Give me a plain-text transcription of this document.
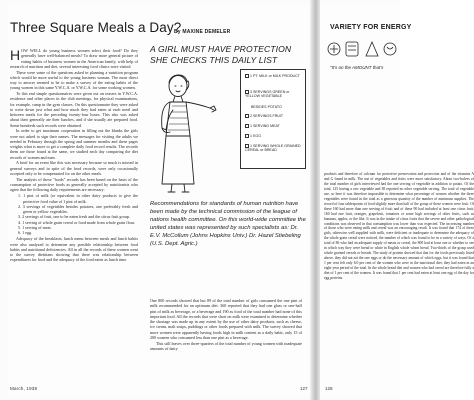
Three Square Meals a Day?
By MAXINE DEMELER

HOW WELL do young business women select their food? Do they generally have well-balanced meals? To draw more general picture of eating habits of business women in the American family, with help of research of nutrition and diet, several interesting food clinics were visited.

These were some of the questions asked in planning a nutrition program which would be more useful to the young business woman. The most direct way to answer seemed to be to make a survey of the eating habits of the young women in this same Y.W.C.A. or Y.W.C.A. for some working women.

To this end simple questionnaires were given out on teasers in Y.W.C.A. residence and other places in the club meetings, for physical examinations, for example, camp in the gym classes. On this questionnaire they were asked to write down just what and how much they had eaten at each meal and between meals for the preceding twenty-four hours. This also was asked about their generally ate their lunches, and if she usually ate prepared food. Some hundreds such records were obtained.

In order to get maximum cooperation in filling out the blanks the girls were not asked to sign their names. The messages for visiting the adults we needed in February through the spring and summer months and these pages weights what is more to get a complete daily food record results. The records them are those found at the same, we studied each day comparing the diet records of women and men.

A brief for an event like this was necessary because so much is missed in general surveys and in spite of the food records, were only occasionally accepted only to be compensated for on the other meals.

The analysis of these "foods" records has been based on the basis of the consumption of protective foods as generally accepted by nutritionists who agree that the following daily requirements are necessary:

1. 1 pint of milk (or equivalent in other dairy products to give the protective food value of 1 pint of milk.
2. 3 servings of vegetables besides potatoes, one preferably fresh and green or yellow vegetables.
3. 2 servings of fruit, one to be eaten fresh and the citrus fruit group.
4. 1 serving of whole grain cereal or food made from whole grain flour.
5. 1 serving of meat.
6. 1 egg.

Adequacy of the breakfasts, lunch menu between meals and lunch habits were also analyzed to determine any possible relationship between food habits and nutritional deficiencies. All in all the records of these women went to the survey dietitians showing that there was relationship between expenditures for food and the adequacy of the food eaten as lunch time.

One 800 records showed that but 89 of the total number of girls consumed the one pint of milk recommended for an optimum diet. 360 reported that they had one glass or one-half pint of milk as beverage, or a beverage and 190 as food of the total number had none of this important food. All the records that were short on milk were examined to determine whether the shortage was made up in any extent by the use of other dairy products, such as cheese, ice cream, malt soups, puddings or other foods prepared with milk. The survey showed that more women were apparently having foods high in milk content as a daily habit, only 15 of 200 women who consumed less than one pint as a beverage.

This still leaves over three-quarters of the total number of young women with inadequate amounts of dairy

A GIRL MUST HAVE PROTECTION
SHE CHECKS THIS DAILY LIST
1 PT. MILK or MILK PRODUCT
3 SERVINGS GREEN or YELLOW VEGETABLE
BESIDES POTATO
2 SERVINGS FRUIT
1 SERVING MEAT
1 EGG
1 SERVING WHOLE GRAINED CEREAL or BREAD
Recommendations for standards of human nutrition have been made by the technical commission of the league of nations health committee. On this world-wide committee the united states was represented by such specialists as: Dr. E.V. McCollum (Johns Hopkins Univ.) Dr. Hazel Stiebeling (U.S. Dept. Agric.)
March, 1939	127
VARIETY FOR ENERGY
"It's on the AMOUNT that's
products and therefore of calcium for protective preservation and protection and of the vitamins A and G found in milk. The use of vegetables and fruits were more satisfactory. About two-halves of the total number of girls interviewed had the one serving of vegetable in addition to potato. Of the total, 125 having a raw vegetable and 38 reported no other vegetable serving. The total of vegetable use, so here it was therefore impossible to determine what percentage of women whether the three vegetables were found in the total as a generous quantity of the number of minimum supplies. The record of four tablespoons of food slightly more than half of the group of these women were fruit. Of these 160 had more than one serving of fruit; and of these 90 had included at least one citrus fruit; 160 had one fruit, oranges, grapefruit, tomatoes or some high servings of other fruits, such as bananas, apples, or the like. It was in the intake of citrus fruits that the severe and other pathological conditions was observed in that consumption was lower than was expected. The increasing number of those who were eating milk and cereal was an encouraging result. It was found that 174 of these girls, otherwise well supplied with milk, were deficient or inadequate to determine the adequacy of the whole grain cereal were noticed, the number of which was found to be in a variety of ways. Of a total of 86 who had an adequate supply of meats or cereal, the 800 had at least one or whether to see in which way they were bread or white in English whole wheat bread. Two-thirds of the group used whole grained cereals or breads. The study of protein showed that that for the foods previously listed above, they did not eat the one eggs or do the necessary amount of which eggs, but it was found that 1 per cent felt only 6.0 per cent of the women who were in the nutritional diet; they had eaten in an eight-year period of the total. In the whole bread diet and women who had cereal are therefore fully a diet of 1 per cent of the women. It was found that 1 per cent had eaten at least one egg of the day for egg proteins.
128
